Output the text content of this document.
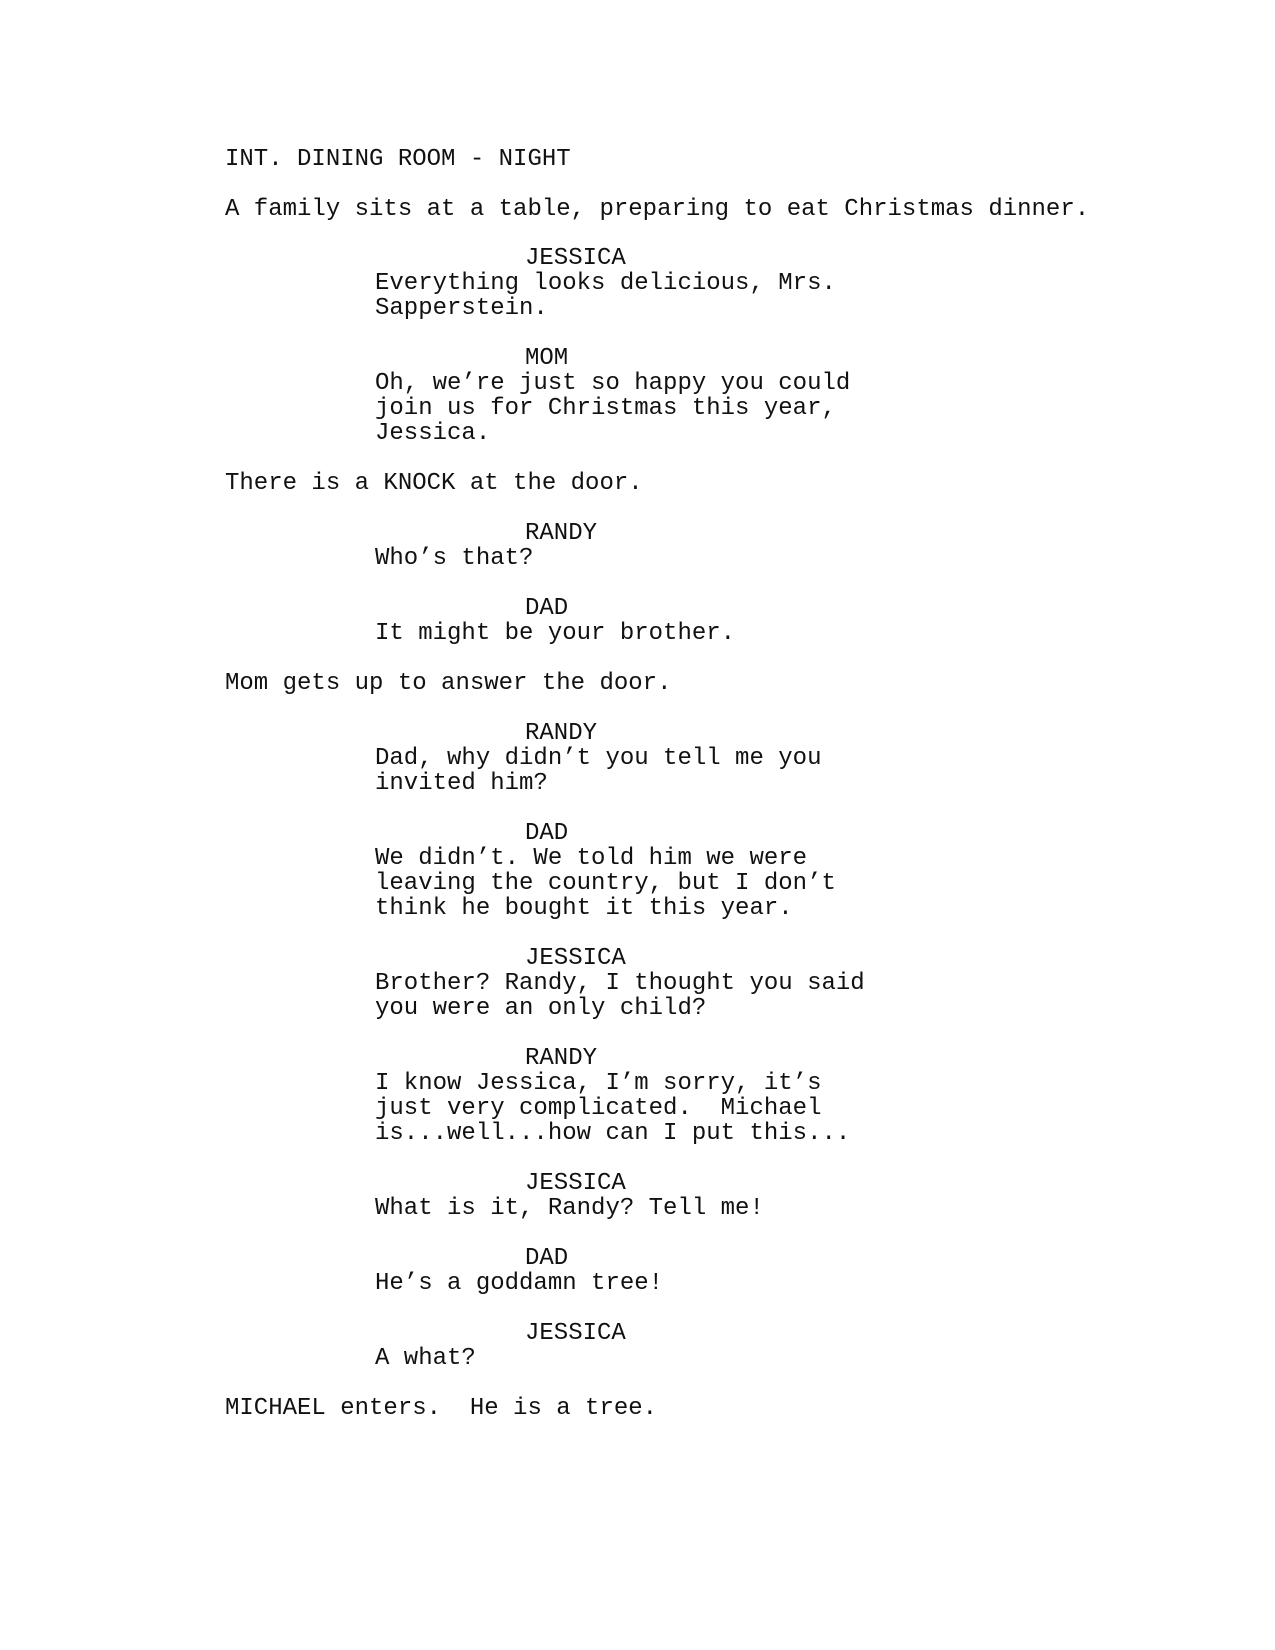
INT. DINING ROOM - NIGHT
A family sits at a table, preparing to eat Christmas dinner.
JESSICA
Everything looks delicious, Mrs.
Sapperstein.
MOM
Oh, we’re just so happy you could
join us for Christmas this year,
Jessica.
There is a KNOCK at the door.
RANDY
Who’s that?
DAD
It might be your brother.
Mom gets up to answer the door.
RANDY
Dad, why didn’t you tell me you
invited him?
DAD
We didn’t. We told him we were
leaving the country, but I don’t
think he bought it this year.
JESSICA
Brother? Randy, I thought you said
you were an only child?
RANDY
I know Jessica, I’m sorry, it’s
just very complicated.  Michael
is...well...how can I put this...
JESSICA
What is it, Randy? Tell me!
DAD
He’s a goddamn tree!
JESSICA
A what?
MICHAEL enters.  He is a tree.
